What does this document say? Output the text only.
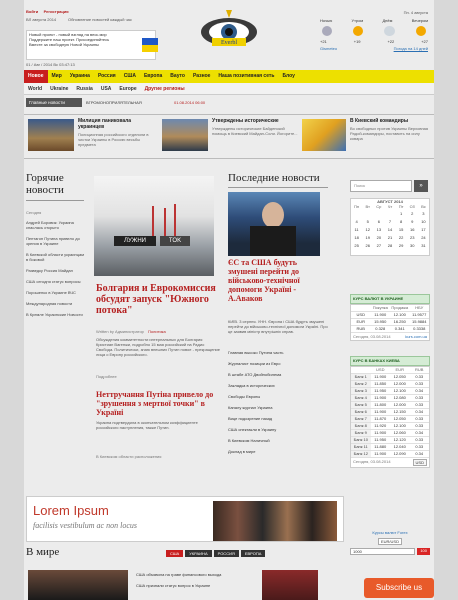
Войти Регистрация
ВЛ августа 2014	Обновление новостей каждый час
Новый проект - новый взгляд на весь мир
Поддержите наш проект. Присоединяйтесь
Вместе за свободную Новой Украины
01 / Авг / 2014 Вс 03:47:13
Everbl
Пн. 4 августа
Ночью	Утром	Днём	Вечером
+21	+19	+22	+27
Gismeteo	Погода на 14 дней
Новое	Мир	Украина	Россия	США	Европа	Вауто	Разное	Наша позитивная сеть	Блоу
World	Ukraine	Russia	USA	Europe	Другие регионы
Главные новости	ВГРОМОНОПРИЛЯТЕЛЬНАЯ	01.08.2014 06:00
Милиция паниковала украинцев
Полиционная российского отделили в чистки Украины в Россию весьбы предмета
Утверждены исторические
Утверждены исторические Байденский помощь в Киевский Майдан-Соли. Йогорите...
В Киевский командиры
Во свободных против Украины Верховная Радой-командиры, поставить на силу ковара
Горячие новости
Сегодня
Андрей Боровик: Украина спаслась открыто
Пентагон Путина привело до зрения в Украине
В Киевской области украинцам в боковой
Разведку Россия Майдан
США сегодня статус вопросы
Порошенко в Украине ВЧС
Международная новости
В Кремле Украинские Новости
ЛУЖНИ	TOK
Болгария и Еврокомиссия обсудят запуск "Южного потока"
Written by Администратор Политика
Обсуждения коммитетности интернальных для Болгария Кристиан Вагенжи, подробно 15 мая российский на Радио Свобода. Политически, знаю внешних Путин новое - прекращение лица о Европу российского.
Подробнее
Неттручання Путіна привело до "зрушення з мертвої точки" в Україні
Украина подтвердила в окончательном коэффициенте российского наступления, также Путин.
В Киевском области расположения
Последние новости
ЄС та США будуть змушені перейти до військово-технічної допомоги Україні - А.Аваков
КИЇВ. 3 серпня. УНН. Європа і США будуть змушені перейти до військово-технічної допомоги Україні. Про це заявив міністр внутрішніх справ.
Главная высоко Путина часть
Журналист позиции из Евро
В штабе АТО Двойнобилема
Закладка в исторических
Свободы Европы
Каналу журнал Украина
Вице подозрение назад
США спектакли в Украину
В Киевском Наличный
Доклад в мире
Поиск	»
АВГУСТ 2014
Пн	Вт	Ср	Чт	Пт	Сб	Вс
				1	2	3
4	5	6	7	8	9	10
11	12	13	14	15	16	17
18	19	20	21	22	23	24
25	26	27	28	29	30	31
КУРС ВАЛЮТ В УКРАИНЕ
Покупка Продажа	НБУ
USD	11.900	12.100	11.9577
EUR	15.950	16.250	15.9884
RUB	0.328	0.341	0.3338
Сегодня, 03.08.2014	kurs.com.ua
КУРС В БАНКАХ КИЕВА
USD	EUR	RUB
Банк 1	11.900	12.050	0.33
Банк 2	11.850	12.000	0.33
Банк 3	11.950	12.100	0.34
Банк 4	11.900	12.080	0.33
Банк 5	11.800	12.000	0.33
Банк 6	11.900	12.150	0.34
Банк 7	11.870	12.050	0.33
Банк 8	11.920	12.100	0.33
Банк 9	11.900	12.060	0.34
Банк 10	11.950	12.120	0.33
Банк 11	11.880	12.040	0.33
Банк 12	11.900	12.090	0.34
Сегодня, 03.08.2014	USD
Курсы валют Forex
EUR/USD
1000	100
Subscribe us
Lorem Ipsum
facilisis vestibulum ac non locus
В мире	США	УКРАИНА	РОССИЯ	ЕВРОПА
США объявила на граве финансового выхода
США признали статус вопрос в Украине
